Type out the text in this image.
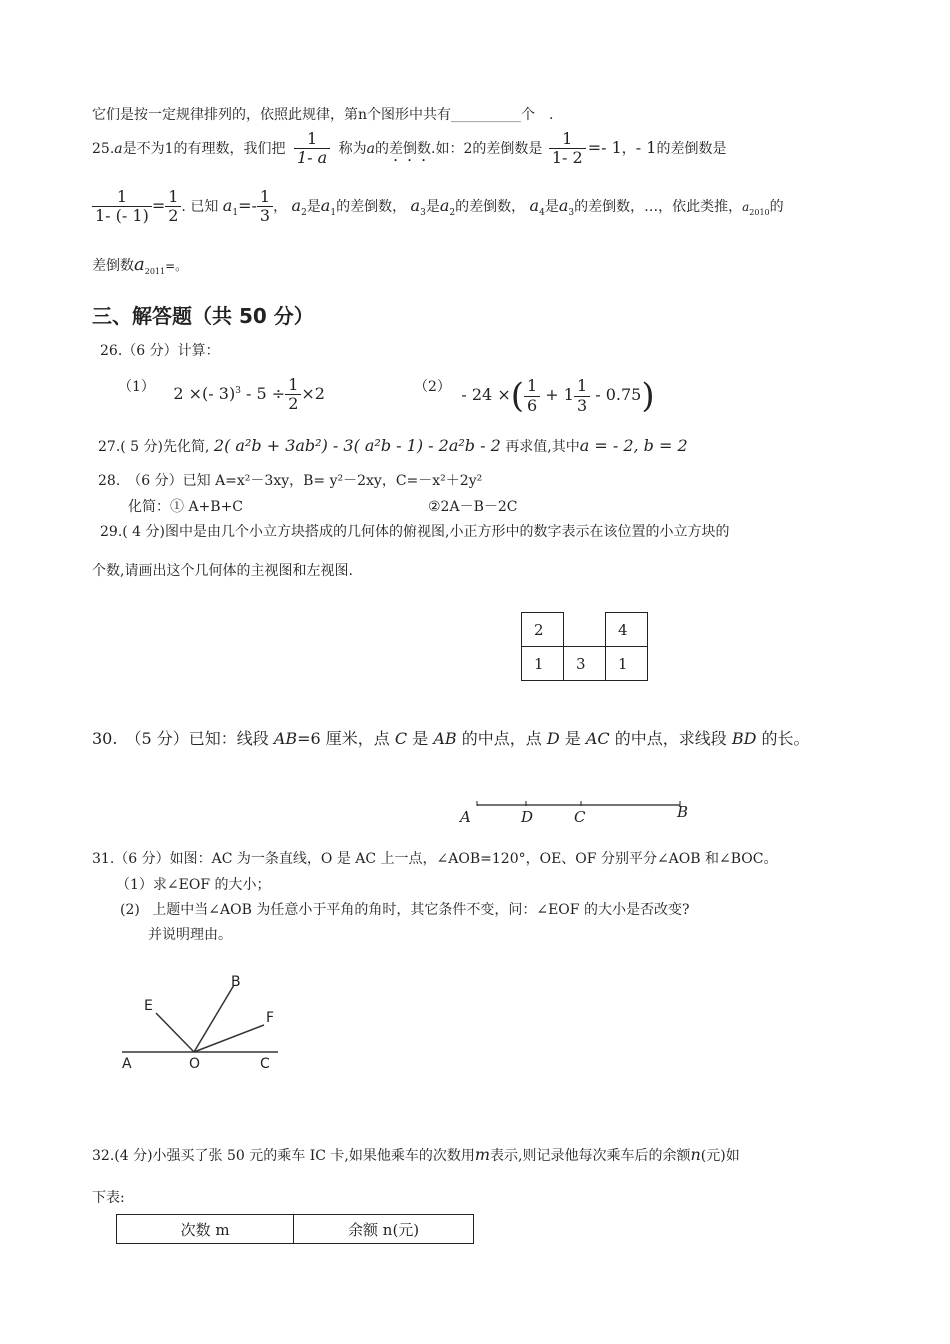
它们是按一定规律排列的，依照此规律，第n个图形中共有__________个　.
25.a是不为1的有理数，我们把 $\frac{1}{1- a}$ 称为a的差倒数.如：2的差倒数是 $\frac{1}{1- 2} =- 1$，- 1的差倒数是
$\frac{1}{1- (- 1)} = \frac{1}{2}$ . 已知 $a_1=- \frac{1}{3}$ ， $a_2$是$a_1$的差倒数， $a_3$是$a_2$的差倒数， $a_4$是$a_3$的差倒数，…，依此类推，$a_{2010}$的
差倒数$a_{2011}=$。
三、解答题（共 50 分）
26.（6 分）计算：
（1） 2 ×(- $3)^3 - 5 \div \frac{1}{2} \times 2$	（2） - 24 ×( $\frac{1}{6} + 1 \frac{1}{3} - 0.75$)
27.( 5 分)先化简, 2( a²b + 3ab²) - 3( a²b - 1) - 2a²b - 2 再求值,其中a = - 2, b = 2
28.　（6 分）已知 A=x²－3xy，B= y²－2xy，C=－x²＋2y²
化简：① A+B+C	②2A－B－2C
29.( 4 分)图中是由几个小立方块搭成的几何体的俯视图,小正方形中的数字表示在该位置的小立方块的
个数,请画出这个几何体的主视图和左视图.
2		4
1	3	1
30.　（5 分）已知：线段 AB=6 厘米，点 C 是 AB 的中点，点 D 是 AC 的中点，求线段 BD 的长。
A	D	C	B
31.（6 分）如图：AC 为一条直线，O 是 AC 上一点，∠AOB=120°，OE、OF 分别平分∠AOB 和∠BOC。
（1）求∠EOF 的大小；
(2) 上题中当∠AOB 为任意小于平角的角时，其它条件不变，问：∠EOF 的大小是否改变?
并说明理由。
E
B
F
A	O	C
32.(4 分)小强买了张 50 元的乘车 IC 卡,如果他乘车的次数用m表示,则记录他每次乘车后的余额n(元)如
下表:
次数 m	余额 n(元)
